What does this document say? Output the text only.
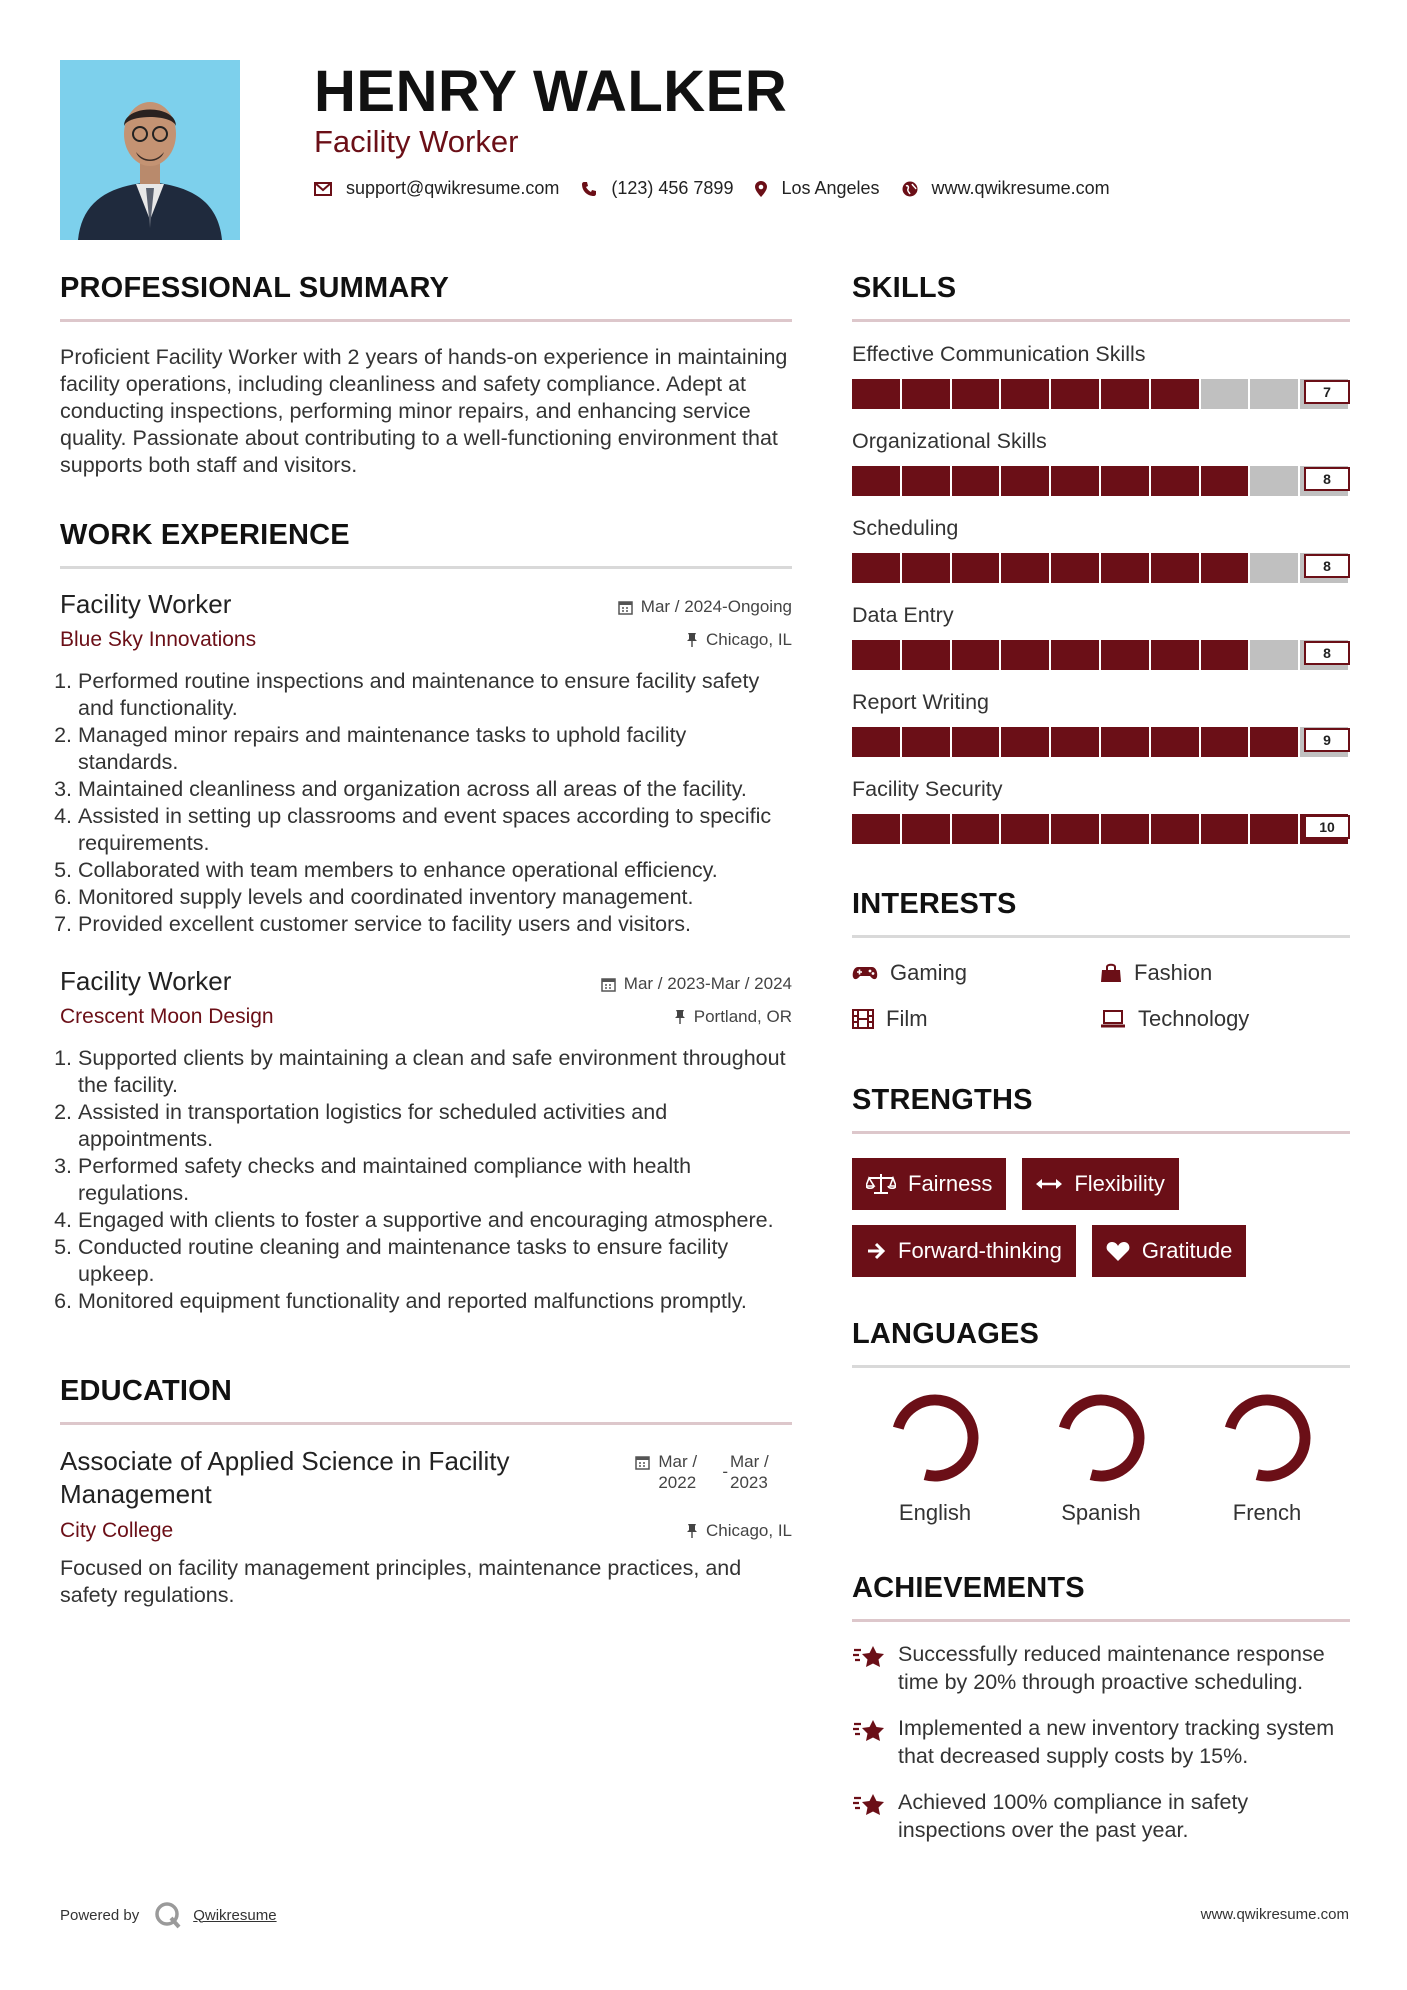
HENRY WALKER
Facility Worker
support@qwikresume.com	(123) 456 7899	Los Angeles	www.qwikresume.com
PROFESSIONAL SUMMARY
Proficient Facility Worker with 2 years of hands-on experience in maintaining facility operations, including cleanliness and safety compliance. Adept at conducting inspections, performing minor repairs, and enhancing service quality. Passionate about contributing to a well-functioning environment that supports both staff and visitors.
WORK EXPERIENCE
Facility Worker	Mar / 2024-Ongoing
Blue Sky Innovations	Chicago, IL
1. Performed routine inspections and maintenance to ensure facility safety and functionality.
2. Managed minor repairs and maintenance tasks to uphold facility standards.
3. Maintained cleanliness and organization across all areas of the facility.
4. Assisted in setting up classrooms and event spaces according to specific requirements.
5. Collaborated with team members to enhance operational efficiency.
6. Monitored supply levels and coordinated inventory management.
7. Provided excellent customer service to facility users and visitors.
Facility Worker	Mar / 2023-Mar / 2024
Crescent Moon Design	Portland, OR
1. Supported clients by maintaining a clean and safe environment throughout the facility.
2. Assisted in transportation logistics for scheduled activities and appointments.
3. Performed safety checks and maintained compliance with health regulations.
4. Engaged with clients to foster a supportive and encouraging atmosphere.
5. Conducted routine cleaning and maintenance tasks to ensure facility upkeep.
6. Monitored equipment functionality and reported malfunctions promptly.
EDUCATION
Associate of Applied Science in Facility Management
Mar /
2022
-
Mar /
2023
City College	Chicago, IL
Focused on facility management principles, maintenance practices, and safety regulations.
SKILLS
Effective Communication Skills
7
Organizational Skills
8
Scheduling
8
Data Entry
8
Report Writing
9
Facility Security
10
INTERESTS
Gaming	Fashion
Film	Technology
STRENGTHS
Fairness	Flexibility
Forward-thinking	Gratitude
LANGUAGES
English	Spanish	French
ACHIEVEMENTS
Successfully reduced maintenance response time by 20% through proactive scheduling.
Implemented a new inventory tracking system that decreased supply costs by 15%.
Achieved 100% compliance in safety inspections over the past year.
Powered by	Qwikresume	www.qwikresume.com
